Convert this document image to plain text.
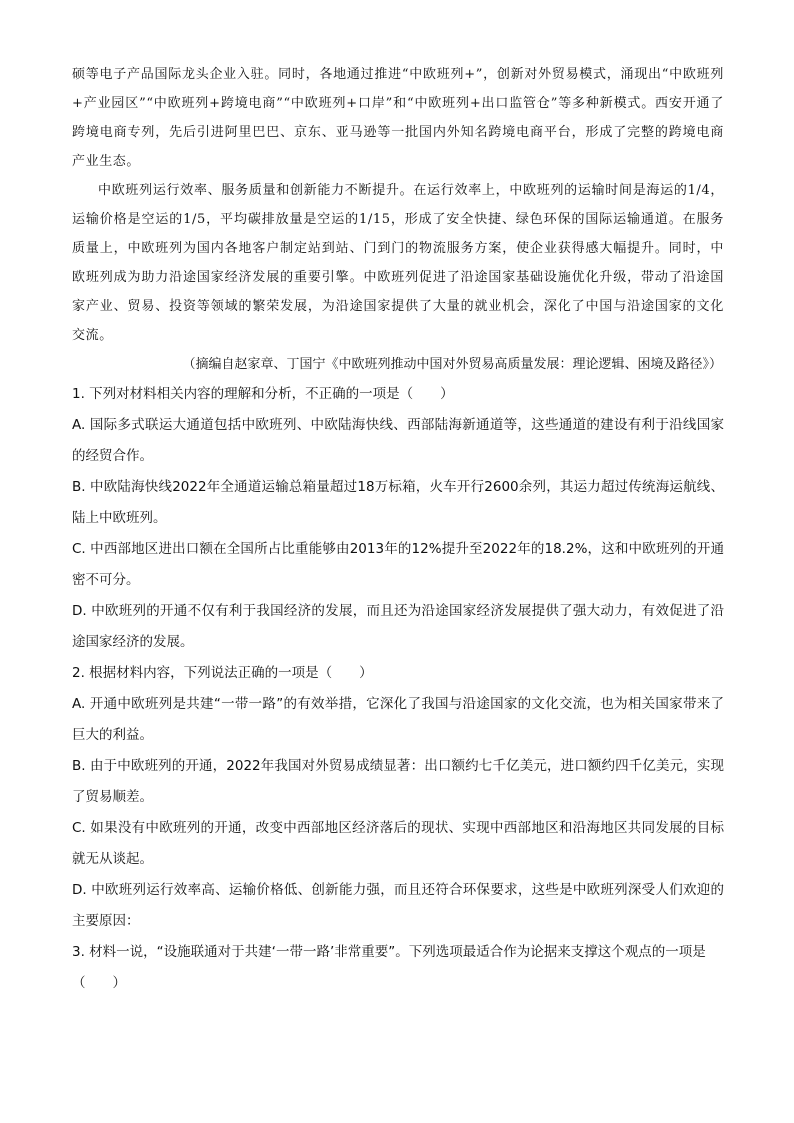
硕等电子产品国际龙头企业入驻。同时，各地通过推进“中欧班列+”，创新对外贸易模式，涌现出“中欧班列+产业园区”“中欧班列+跨境电商”“中欧班列+口岸”和“中欧班列+出口监管仓”等多种新模式。西安开通了跨境电商专列，先后引进阿里巴巴、京东、亚马逊等一批国内外知名跨境电商平台，形成了完整的跨境电商产业生态。

中欧班列运行效率、服务质量和创新能力不断提升。在运行效率上，中欧班列的运输时间是海运的1/4，运输价格是空运的1/5，平均碳排放量是空运的1/15，形成了安全快捷、绿色环保的国际运输通道。在服务质量上，中欧班列为国内各地客户制定站到站、门到门的物流服务方案，使企业获得感大幅提升。同时，中欧班列成为助力沿途国家经济发展的重要引擎。中欧班列促进了沿途国家基础设施优化升级，带动了沿途国家产业、贸易、投资等领域的繁荣发展，为沿途国家提供了大量的就业机会，深化了中国与沿途国家的文化交流。

（摘编自赵家章、丁国宁《中欧班列推动中国对外贸易高质量发展：理论逻辑、困境及路径》）

1. 下列对材料相关内容的理解和分析，不正确的一项是（　　）

A. 国际多式联运大通道包括中欧班列、中欧陆海快线、西部陆海新通道等，这些通道的建设有利于沿线国家的经贸合作。

B. 中欧陆海快线2022年全通道运输总箱量超过18万标箱，火车开行2600余列，其运力超过传统海运航线、陆上中欧班列。

C. 中西部地区进出口额在全国所占比重能够由2013年的12%提升至2022年的18.2%，这和中欧班列的开通密不可分。

D. 中欧班列的开通不仅有利于我国经济的发展，而且还为沿途国家经济发展提供了强大动力，有效促进了沿途国家经济的发展。

2. 根据材料内容，下列说法正确的一项是（　　）

A. 开通中欧班列是共建“一带一路”的有效举措，它深化了我国与沿途国家的文化交流，也为相关国家带来了巨大的利益。

B. 由于中欧班列的开通，2022年我国对外贸易成绩显著：出口额约七千亿美元，进口额约四千亿美元，实现了贸易顺差。

C. 如果没有中欧班列的开通，改变中西部地区经济落后的现状、实现中西部地区和沿海地区共同发展的目标就无从谈起。

D. 中欧班列运行效率高、运输价格低、创新能力强，而且还符合环保要求，这些是中欧班列深受人们欢迎的主要原因：

3. 材料一说，“设施联通对于共建‘一带一路’非常重要”。下列选项最适合作为论据来支撑这个观点的一项是（　　）
